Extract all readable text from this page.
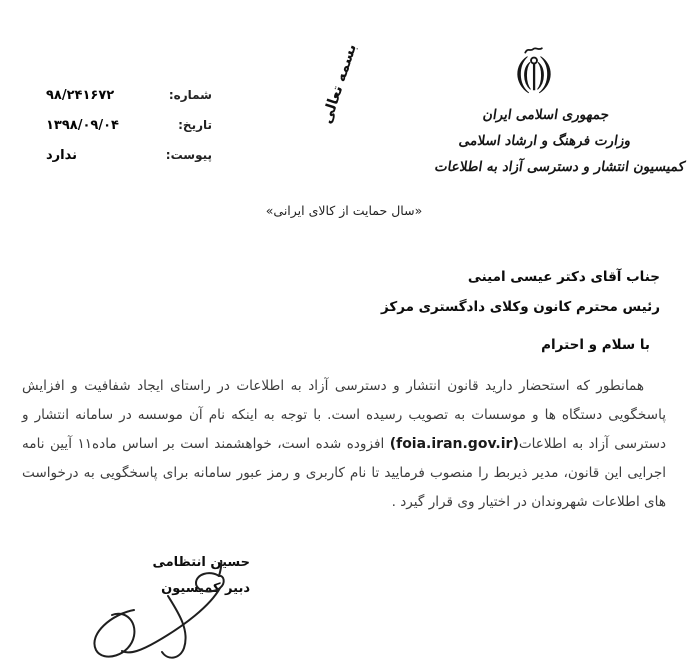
جمهوری اسلامی ایران
وزارت فرهنگ و ارشاد اسلامی
کمیسیون انتشار و دسترسی آزاد به اطلاعات
بسمه تعالی
شماره:
۹۸/۲۴۱۶۷۲
تاریخ:
۱۳۹۸/۰۹/۰۴
پیوست:
ندارد
«سال حمایت از کالای ایرانی»
جناب آقای دکتر عیسی امینی
رئیس محترم کانون وکلای دادگستری مرکز
با سلام و احترام

همانطور که استحضار دارید قانون انتشار و دسترسی آزاد به اطلاعات در راستای ایجاد شفافیت و افزایش پاسخگویی دستگاه ها و موسسات به تصویب رسیده است. با توجه به اینکه نام آن موسسه در سامانه انتشار و دسترسی آزاد به اطلاعات(foia.iran.gov.ir) افزوده شده است، خواهشمند است بر اساس ماده۱۱ آیین نامه اجرایی این قانون، مدیر ذیربط را منصوب فرمایید تا نام کاربری و رمز عبور سامانه برای پاسخگویی به درخواست های اطلاعات شهروندان در اختیار وی قرار گیرد .

حسین انتظامی
دبیر کمیسیون
